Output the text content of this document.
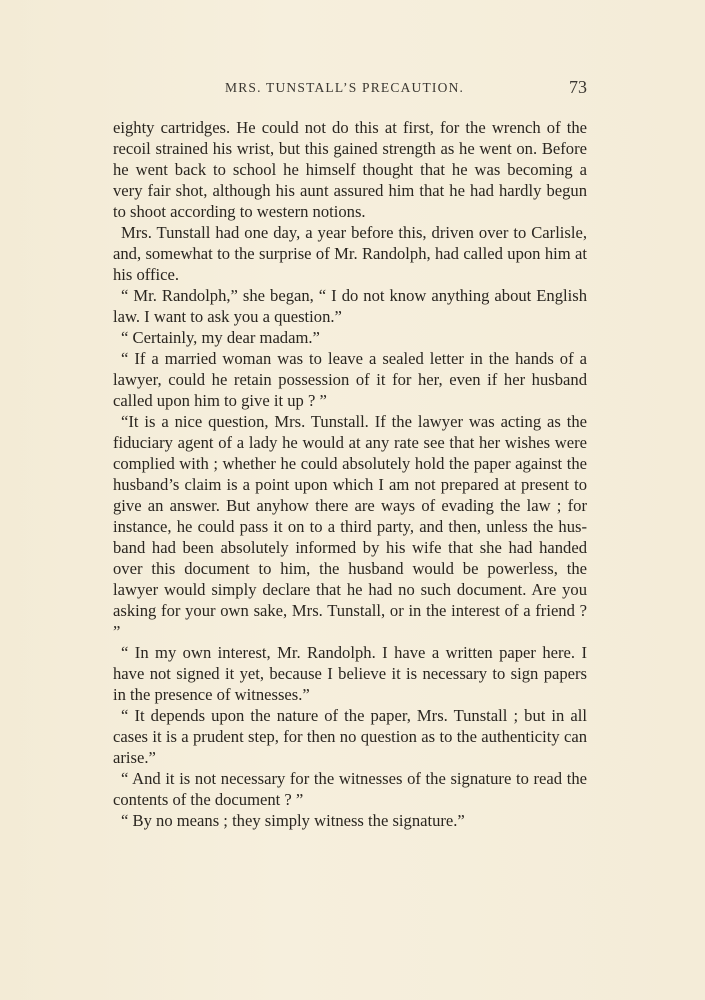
MRS. TUNSTALL’S PRECAUTION.	73

eighty cartridges. He could not do this at first, for the wrench of the recoil strained his wrist, but this gained strength as he went on. Before he went back to school he himself thought that he was becoming a very fair shot, although his aunt assured him that he had hardly begun to shoot according to western notions.

Mrs. Tunstall had one day, a year before this, driven over to Carlisle, and, somewhat to the surprise of Mr. Randolph, had called upon him at his office.

“ Mr. Randolph,” she began, “ I do not know anything about English law. I want to ask you a question.”

“ Certainly, my dear madam.”

“ If a married woman was to leave a sealed letter in the hands of a lawyer, could he retain possession of it for her, even if her husband called upon him to give it up ? ”

“It is a nice question, Mrs. Tunstall. If the lawyer was acting as the fiduciary agent of a lady he would at any rate see that her wishes were complied with ; whether he could absolutely hold the paper against the husband’s claim is a point upon which I am not prepared at present to give an answer. But anyhow there are ways of evading the law ; for instance, he could pass it on to a third party, and then, unless the husband had been absolutely informed by his wife that she had handed over this document to him, the husband would be powerless, the lawyer would simply declare that he had no such document. Are you asking for your own sake, Mrs. Tunstall, or in the interest of a friend ? ”

“ In my own interest, Mr. Randolph. I have a written paper here. I have not signed it yet, because I believe it is necessary to sign papers in the presence of witnesses.”

“ It depends upon the nature of the paper, Mrs. Tunstall ; but in all cases it is a prudent step, for then no question as to the authenticity can arise.”

“ And it is not necessary for the witnesses of the signature to read the contents of the document ? ”

“ By no means ; they simply witness the signature.”
